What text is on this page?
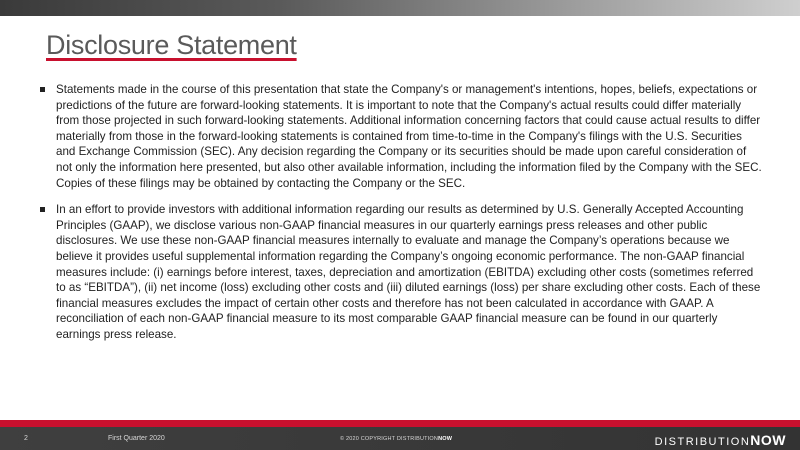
Disclosure Statement
Statements made in the course of this presentation that state the Company's or management's intentions, hopes, beliefs, expectations or predictions of the future are forward-looking statements. It is important to note that the Company's actual results could differ materially from those projected in such forward-looking statements. Additional information concerning factors that could cause actual results to differ materially from those in the forward-looking statements is contained from time-to-time in the Company's filings with the U.S. Securities and Exchange Commission (SEC). Any decision regarding the Company or its securities should be made upon careful consideration of not only the information here presented, but also other available information, including the information filed by the Company with the SEC. Copies of these filings may be obtained by contacting the Company or the SEC.
In an effort to provide investors with additional information regarding our results as determined by U.S. Generally Accepted Accounting Principles (GAAP), we disclose various non-GAAP financial measures in our quarterly earnings press releases and other public disclosures. We use these non-GAAP financial measures internally to evaluate and manage the Company’s operations because we believe it provides useful supplemental information regarding the Company’s ongoing economic performance. The non-GAAP financial measures include: (i) earnings before interest, taxes, depreciation and amortization (EBITDA) excluding other costs (sometimes referred to as “EBITDA”), (ii) net income (loss) excluding other costs and (iii) diluted earnings (loss) per share excluding other costs. Each of these financial measures excludes the impact of certain other costs and therefore has not been calculated in accordance with GAAP. A reconciliation of each non-GAAP financial measure to its most comparable GAAP financial measure can be found in our quarterly earnings press release.
2	First Quarter 2020	© 2020 COPYRIGHT DISTRIBUTIONNOW	DISTRIBUTIONNOW
